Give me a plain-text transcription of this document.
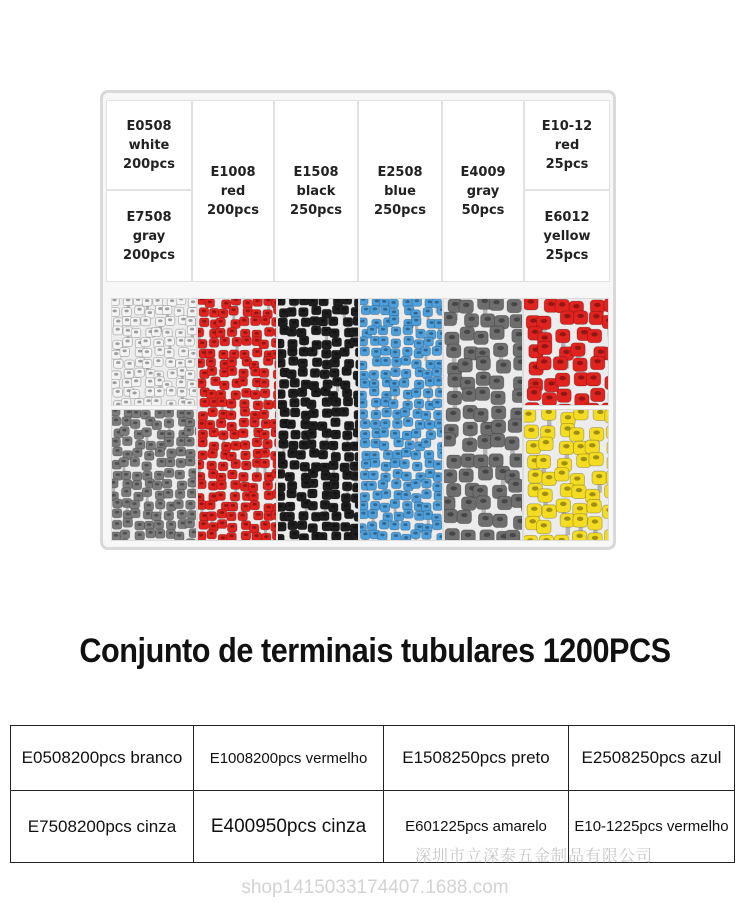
E0508
white
200pcs
E7508
gray
200pcs
E1008
red
200pcs
E1508
black
250pcs
E2508
blue
250pcs
E4009
gray
50pcs
E10-12
red
25pcs
E6012
yellow
25pcs
Conjunto de terminais tubulares 1200PCS
E0508200pcs branco	E1008200pcs vermelho	E1508250pcs preto	E2508250pcs azul
E7508200pcs cinza	E400950pcs cinza	E601225pcs amarelo	E10-1225pcs vermelho
深圳市立深泰五金制品有限公司
shop1415033174407.1688.com
